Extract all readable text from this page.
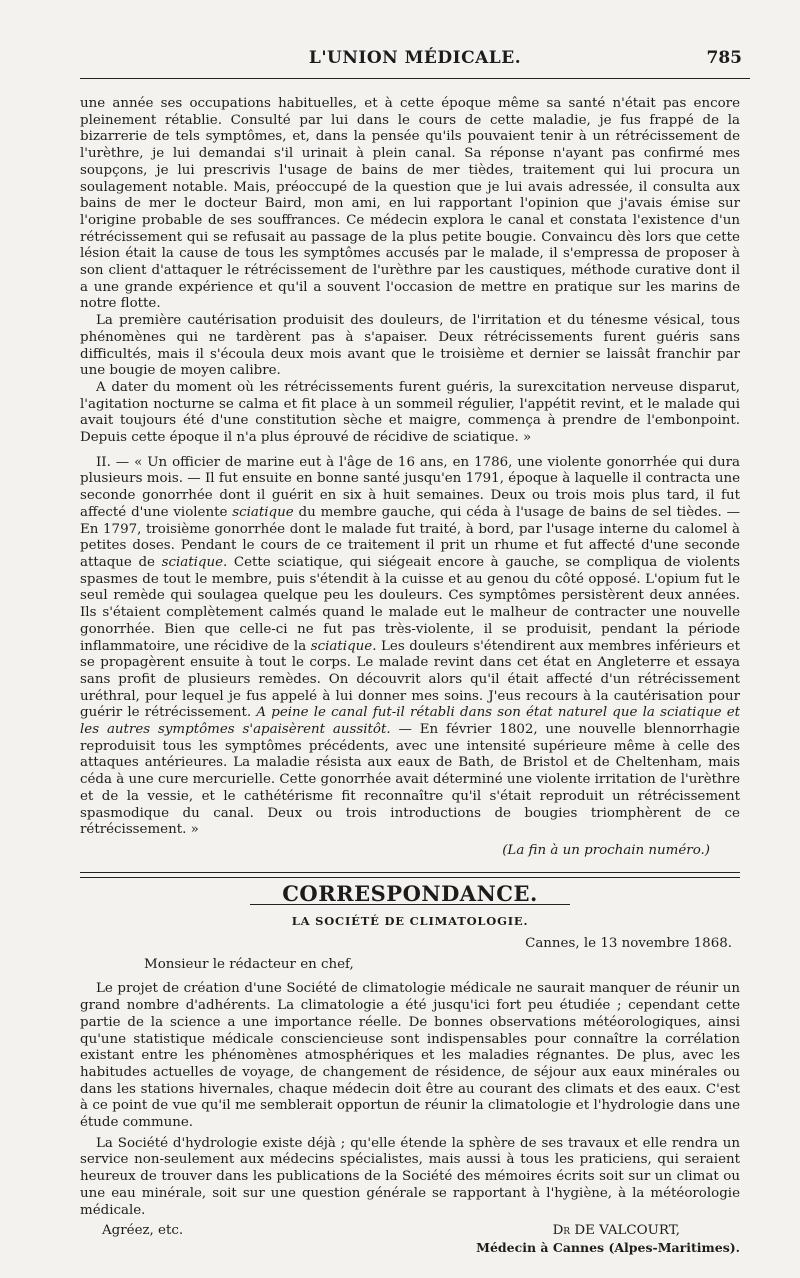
L'UNION MÉDICALE.	785

une année ses occupations habituelles, et à cette époque même sa santé n'était pas encore pleinement rétablie. Consulté par lui dans le cours de cette maladie, je fus frappé de la bizarrerie de tels symptômes, et, dans la pensée qu'ils pouvaient tenir à un rétrécissement de l'urèthre, je lui demandai s'il urinait à plein canal. Sa réponse n'ayant pas confirmé mes soupçons, je lui prescrivis l'usage de bains de mer tièdes, traitement qui lui procura un soulagement notable. Mais, préoccupé de la question que je lui avais adressée, il consulta aux bains de mer le docteur Baird, mon ami, en lui rapportant l'opinion que j'avais émise sur l'origine probable de ses souffrances. Ce médecin explora le canal et constata l'existence d'un rétrécissement qui se refusait au passage de la plus petite bougie. Convaincu dès lors que cette lésion était la cause de tous les symptômes accusés par le malade, il s'empressa de proposer à son client d'attaquer le rétrécissement de l'urèthre par les caustiques, méthode curative dont il a une grande expérience et qu'il a souvent l'occasion de mettre en pratique sur les marins de notre flotte.

La première cautérisation produisit des douleurs, de l'irritation et du ténesme vésical, tous phénomènes qui ne tardèrent pas à s'apaiser. Deux rétrécissements furent guéris sans difficultés, mais il s'écoula deux mois avant que le troisième et dernier se laissât franchir par une bougie de moyen calibre.

A dater du moment où les rétrécissements furent guéris, la surexcitation nerveuse disparut, l'agitation nocturne se calma et fit place à un sommeil régulier, l'appétit revint, et le malade qui avait toujours été d'une constitution sèche et maigre, commença à prendre de l'embonpoint. Depuis cette époque il n'a plus éprouvé de récidive de sciatique. »

II. — « Un officier de marine eut à l'âge de 16 ans, en 1786, une violente gonorrhée qui dura plusieurs mois. — Il fut ensuite en bonne santé jusqu'en 1791, époque à laquelle il contracta une seconde gonorrhée dont il guérit en six à huit semaines. Deux ou trois mois plus tard, il fut affecté d'une violente sciatique du membre gauche, qui céda à l'usage de bains de sel tièdes. — En 1797, troisième gonorrhée dont le malade fut traité, à bord, par l'usage interne du calomel à petites doses. Pendant le cours de ce traitement il prit un rhume et fut affecté d'une seconde attaque de sciatique. Cette sciatique, qui siégeait encore à gauche, se compliqua de violents spasmes de tout le membre, puis s'étendit à la cuisse et au genou du côté opposé. L'opium fut le seul remède qui soulagea quelque peu les douleurs. Ces symptômes persistèrent deux années. Ils s'étaient complètement calmés quand le malade eut le malheur de contracter une nouvelle gonorrhée. Bien que celle-ci ne fut pas très-violente, il se produisit, pendant la période inflammatoire, une récidive de la sciatique. Les douleurs s'étendirent aux membres inférieurs et se propagèrent ensuite à tout le corps. Le malade revint dans cet état en Angleterre et essaya sans profit de plusieurs remèdes. On découvrit alors qu'il était affecté d'un rétrécissement uréthral, pour lequel je fus appelé à lui donner mes soins. J'eus recours à la cautérisation pour guérir le rétrécissement. A peine le canal fut-il rétabli dans son état naturel que la sciatique et les autres symptômes s'apaisèrent aussitôt. — En février 1802, une nouvelle blennorrhagie reproduisit tous les symptômes précédents, avec une intensité supérieure même à celle des attaques antérieures. La maladie résista aux eaux de Bath, de Bristol et de Cheltenham, mais céda à une cure mercurielle. Cette gonorrhée avait déterminé une violente irritation de l'urèthre et de la vessie, et le cathétérisme fit reconnaître qu'il s'était reproduit un rétrécissement spasmodique du canal. Deux ou trois introductions de bougies triomphèrent de ce rétrécissement. »

(La fin à un prochain numéro.)

CORRESPONDANCE.
LA SOCIÉTÉ DE CLIMATOLOGIE.

Cannes, le 13 novembre 1868.

Monsieur le rédacteur en chef,

Le projet de création d'une Société de climatologie médicale ne saurait manquer de réunir un grand nombre d'adhérents. La climatologie a été jusqu'ici fort peu étudiée ; cependant cette partie de la science a une importance réelle. De bonnes observations météorologiques, ainsi qu'une statistique médicale consciencieuse sont indispensables pour connaître la corrélation existant entre les phénomènes atmosphériques et les maladies régnantes. De plus, avec les habitudes actuelles de voyage, de changement de résidence, de séjour aux eaux minérales ou dans les stations hivernales, chaque médecin doit être au courant des climats et des eaux. C'est à ce point de vue qu'il me semblerait opportun de réunir la climatologie et l'hydrologie dans une étude commune.

La Société d'hydrologie existe déjà ; qu'elle étende la sphère de ses travaux et elle rendra un service non-seulement aux médecins spécialistes, mais aussi à tous les praticiens, qui seraient heureux de trouver dans les publications de la Société des mémoires écrits soit sur un climat ou une eau minérale, soit sur une question générale se rapportant à l'hygiène, à la météorologie médicale.

Agréez, etc.	Dr DE VALCOURT,

Médecin à Cannes (Alpes-Maritimes).
